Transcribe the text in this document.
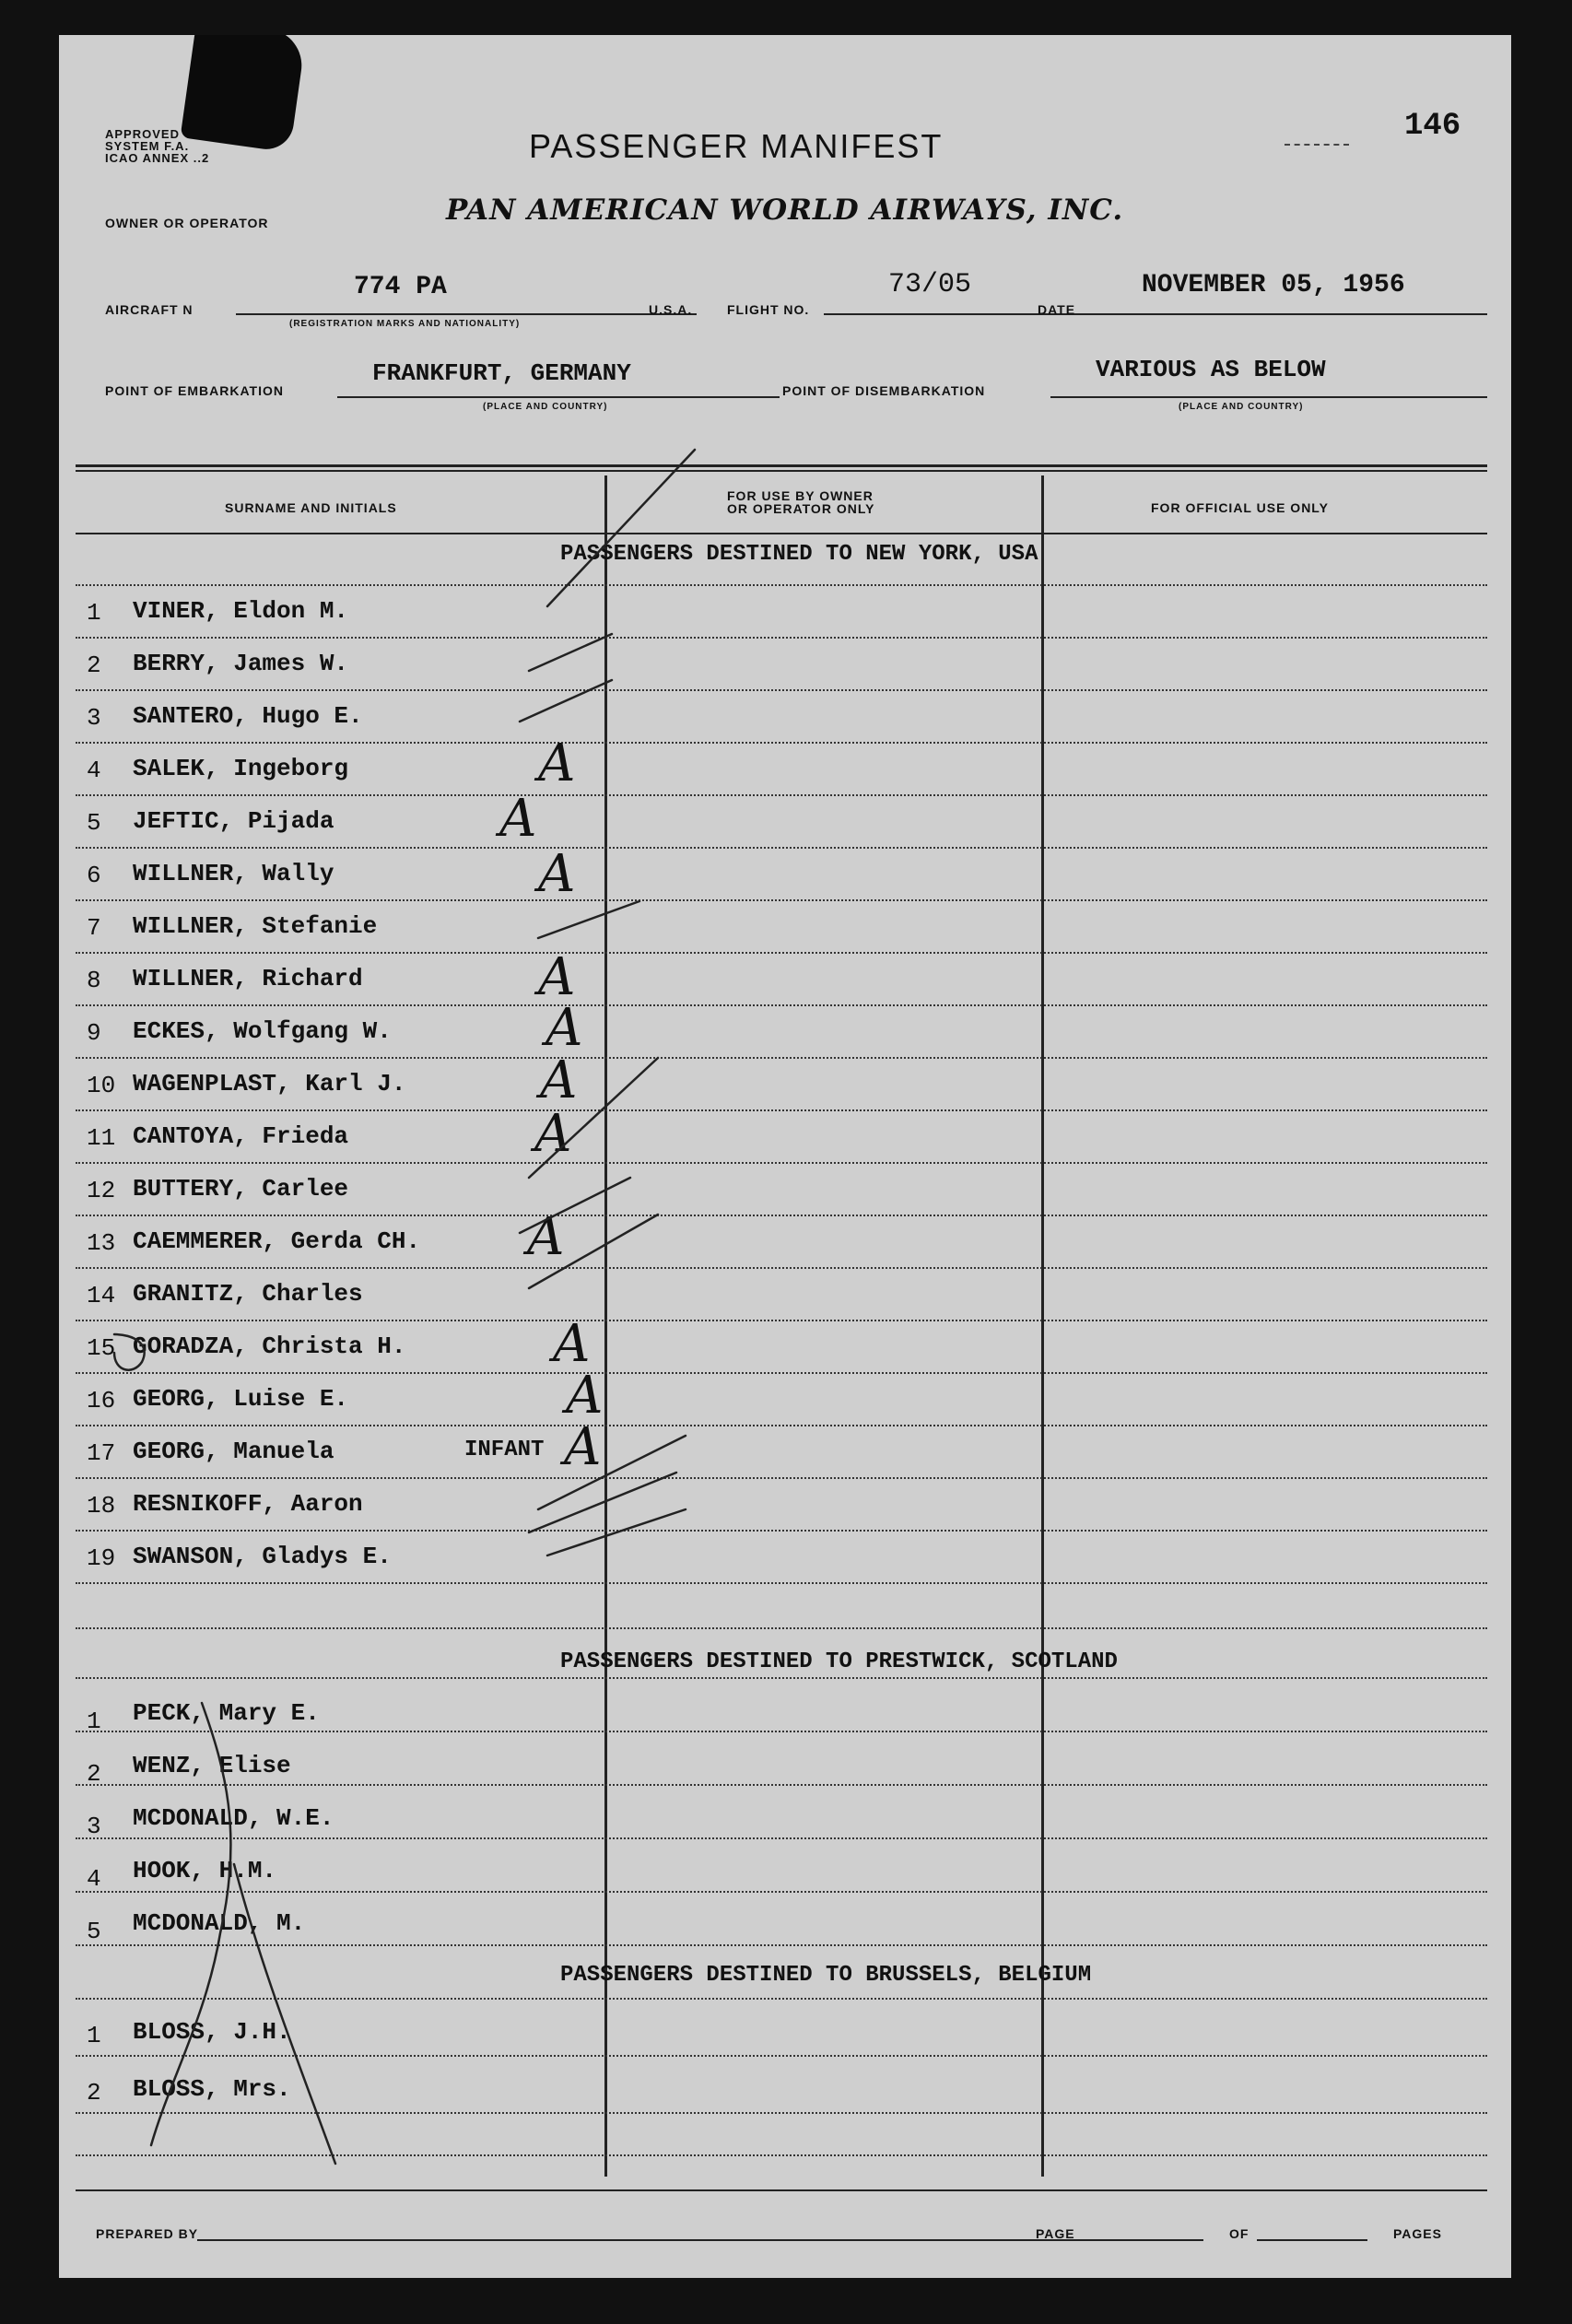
APPROVED
SYSTEM F.A.
ICAO ANNEX ..2	PASSENGER MANIFEST
146
OWNER OR OPERATOR	PAN AMERICAN WORLD AIRWAYS, INC.
AIRCRAFT N
774 PA
(REGISTRATION MARKS AND NATIONALITY)
U.S.A.	FLIGHT NO.
73/05
DATE
NOVEMBER 05, 1956
POINT OF EMBARKATION
FRANKFURT, GERMANY
(PLACE AND COUNTRY)
POINT OF DISEMBARKATION
VARIOUS AS BELOW
(PLACE AND COUNTRY)
SURNAME AND INITIALS
FOR USE BY OWNER
OR OPERATOR ONLY	FOR OFFICIAL USE ONLY
PASSENGERS DESTINED TO NEW YORK, USA
PASSENGERS DESTINED TO PRESTWICK, SCOTLAND
PASSENGERS DESTINED TO BRUSSELS, BELGIUM
1 VINER, Eldon M.
2 BERRY, James W.
3 SANTERO, Hugo E.
4 SALEK, Ingeborg	A
5 JEFTIC, Pijada	A
6 WILLNER, Wally	A
7 WILLNER, Stefanie
8 WILLNER, Richard	A
9 ECKES, Wolfgang W.	A
10 WAGENPLAST, Karl J.	A
11 CANTOYA, Frieda	A
12 BUTTERY, Carlee
13 CAEMMERER, Gerda CH. A
14 GRANITZ, Charles
15 GORADZA, Christa H.	A
16 GEORG, Luise E.	A
17 GEORG, Manuela	INFANT A
18 RESNIKOFF, Aaron
19 SWANSON, Gladys E.
1 PECK, Mary E.
2 WENZ, Elise
3 MCDONALD, W.E.
4 HOOK, H.M.
5 MCDONALD, M.
1 BLOSS, J.H.
2 BLOSS, Mrs.
PREPARED BY	PAGE	OF	PAGES
